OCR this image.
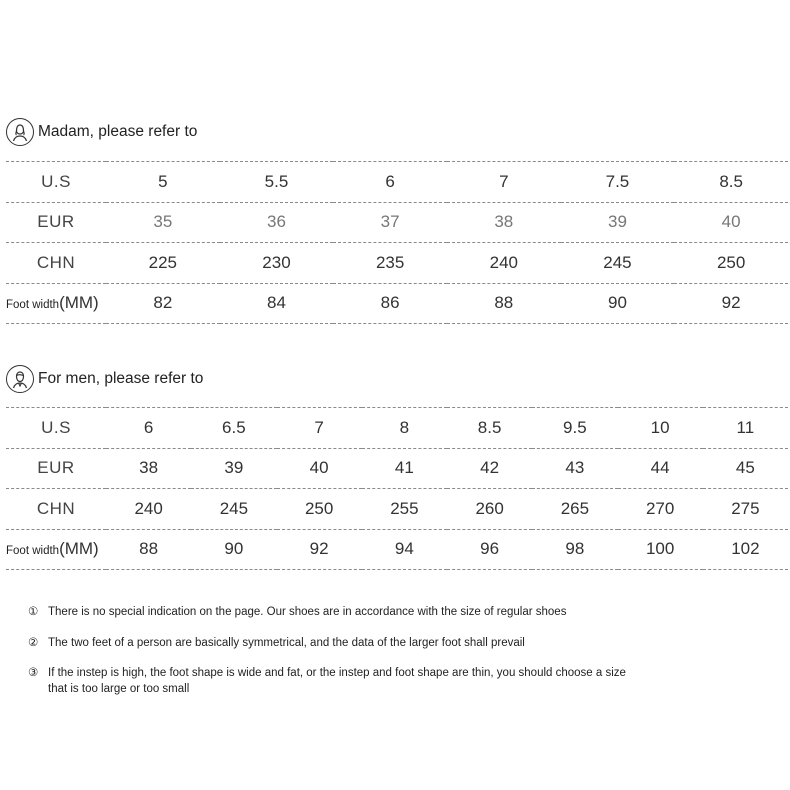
Madam, please refer to
U.S	5	5.5	6	7	7.5	8.5
EUR	35	36	37	38	39	40
CHN	225	230	235	240	245	250
Foot width(MM)	82	84	86	88	90	92
For men, please refer to
U.S	6	6.5	7	8	8.5	9.5	10	11
EUR	38	39	40	41	42	43	44	45
CHN	240	245	250	255	260	265	270	275
Foot width(MM)	88	90	92	94	96	98	100	102
① There is no special indication on the page. Our shoes are in accordance with the size of regular shoes
② The two feet of a person are basically symmetrical, and the data of the larger foot shall prevail
③ If the instep is high, the foot shape is wide and fat, or the instep and foot shape are thin, you should choose a size that is too large or too small
